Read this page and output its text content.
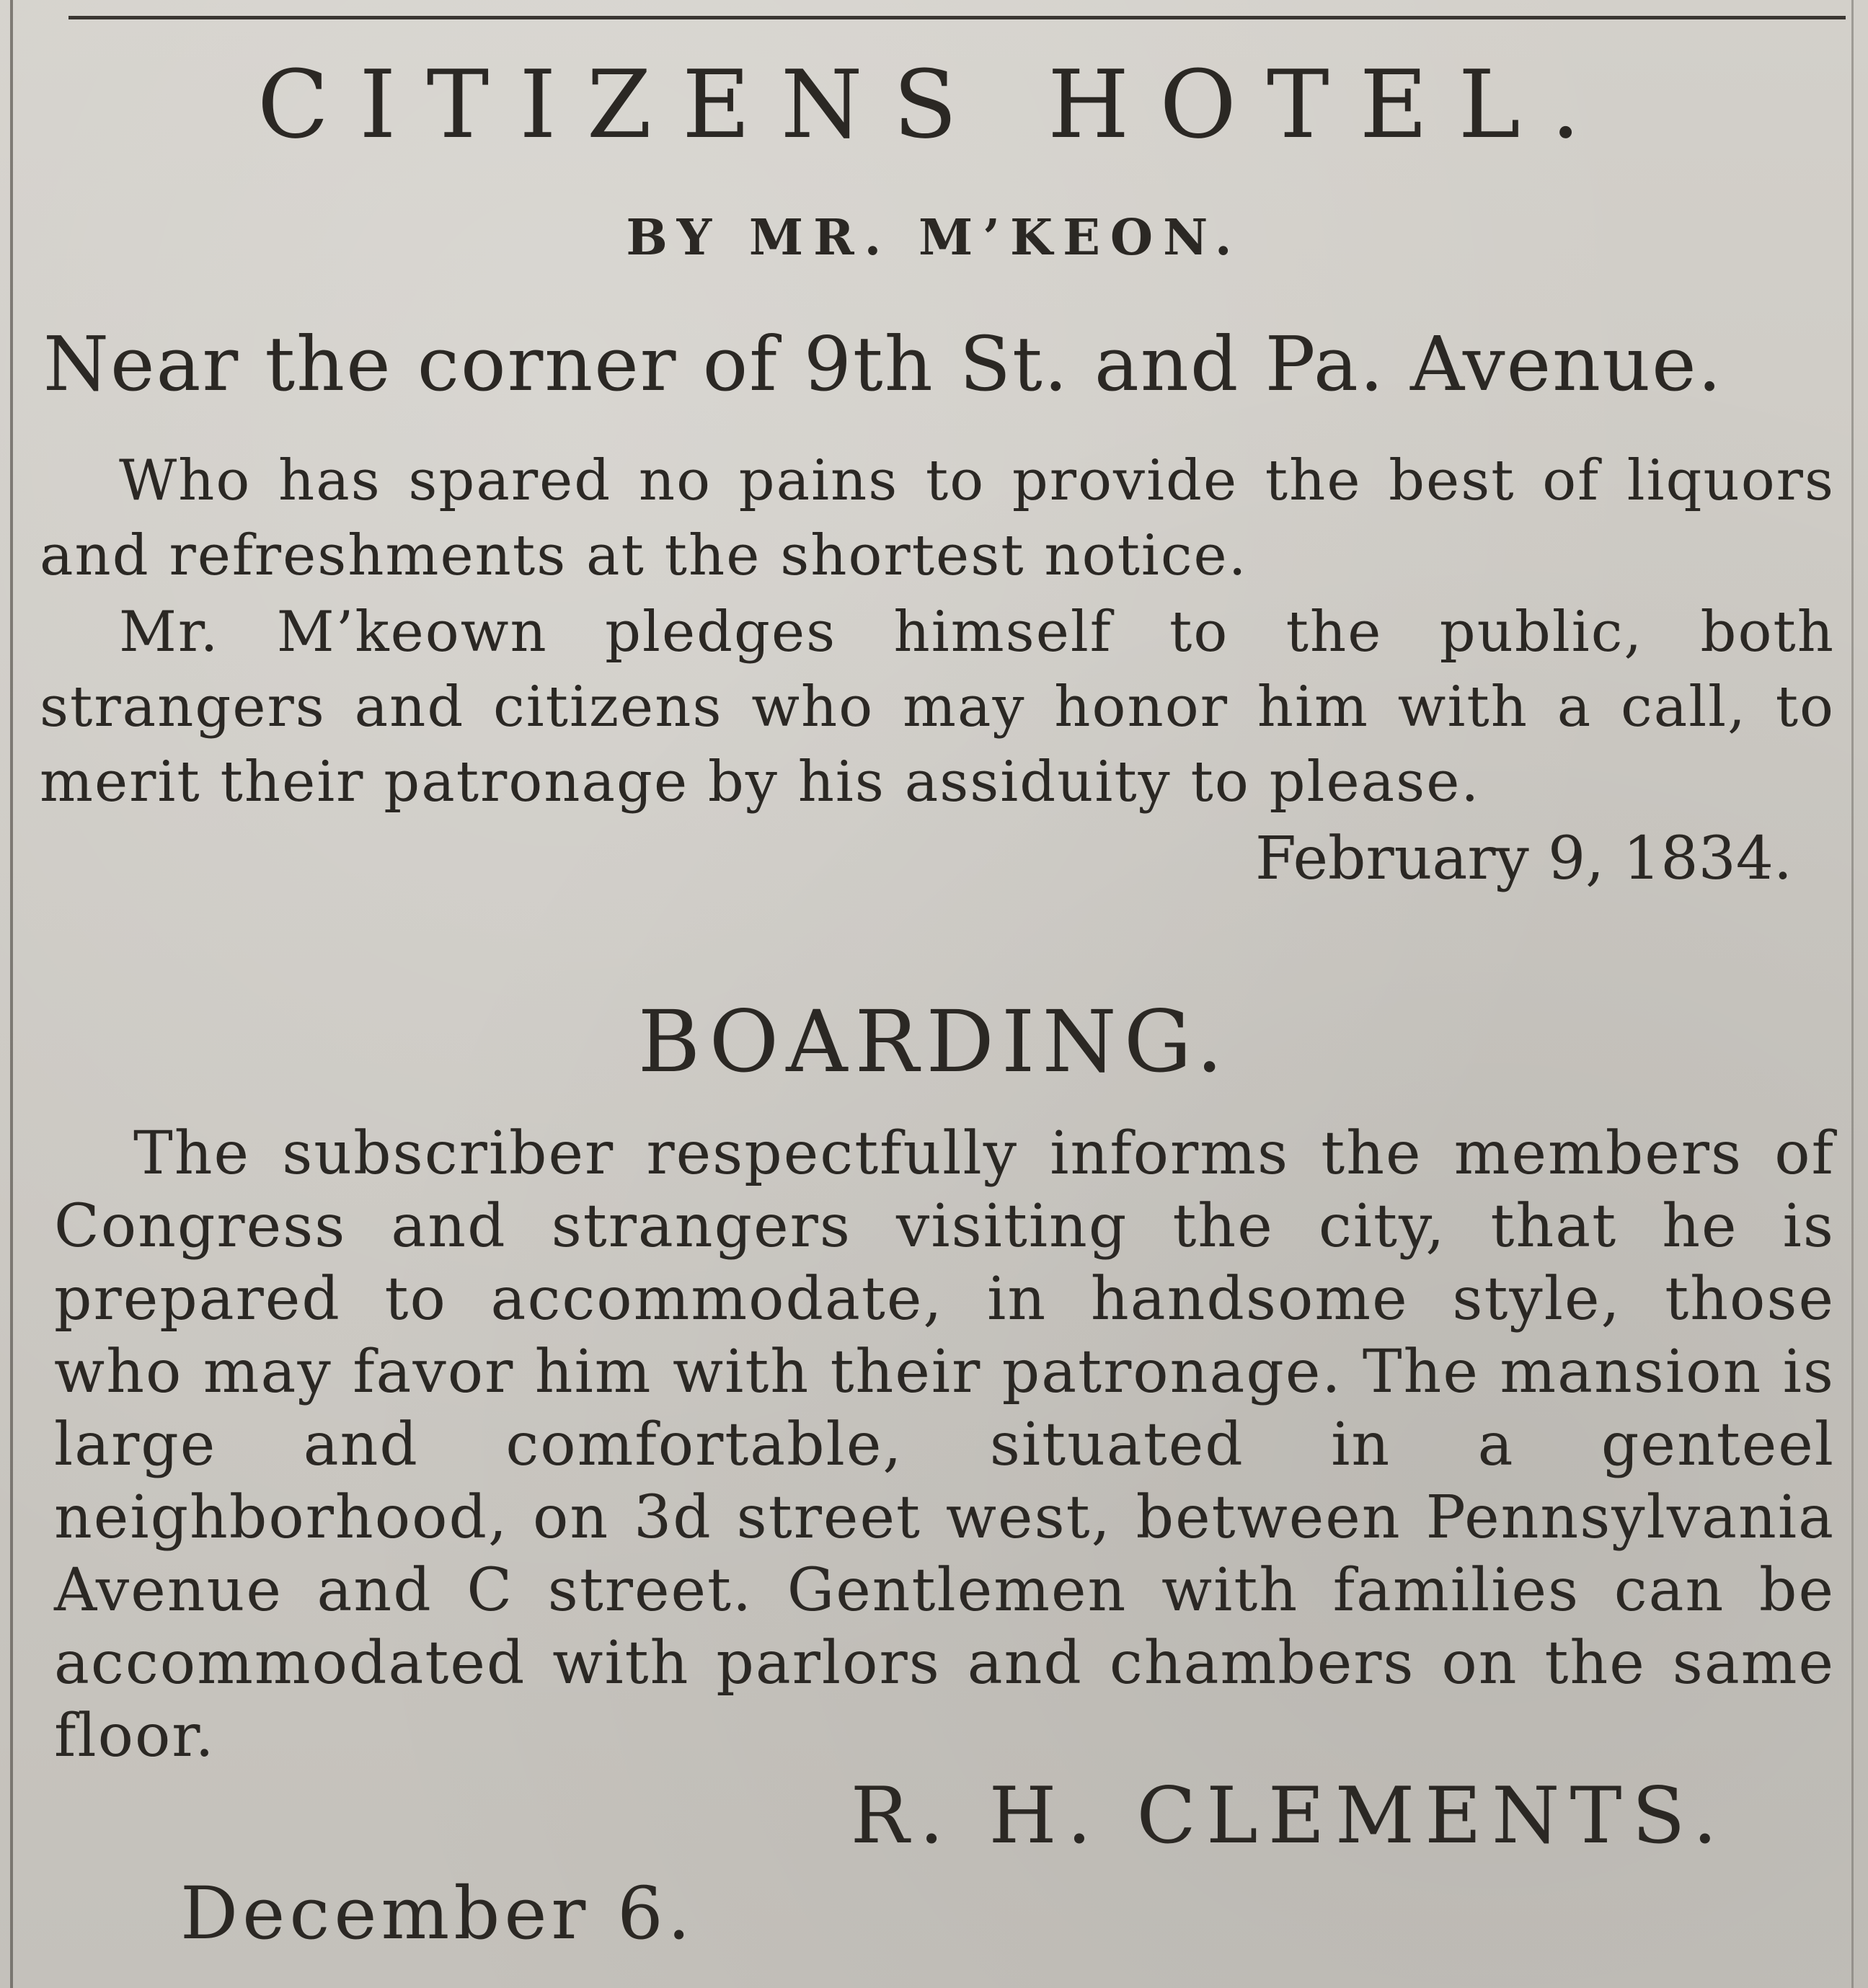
CITIZENS HOTEL.
BY MR. M’KEON.
Near the corner of 9th St. and Pa. Avenue.

Who has spared no pains to provide the best of liquors and refreshments at the shortest notice.

Mr. M’keown pledges himself to the public, both strangers and citizens who may honor him with a call, to merit their patronage by his assiduity to please.

February 9, 1834.
BOARDING.

The subscriber respectfully informs the members of Congress and strangers visiting the city, that he is prepared to accommodate, in handsome style, those who may favor him with their patronage. The mansion is large and comfortable, situated in a genteel neighborhood, on 3d street west, between Pennsylvania Avenue and C street. Gentlemen with families can be accommodated with parlors and chambers on the same floor.

R. H. CLEMENTS.
December 6.
